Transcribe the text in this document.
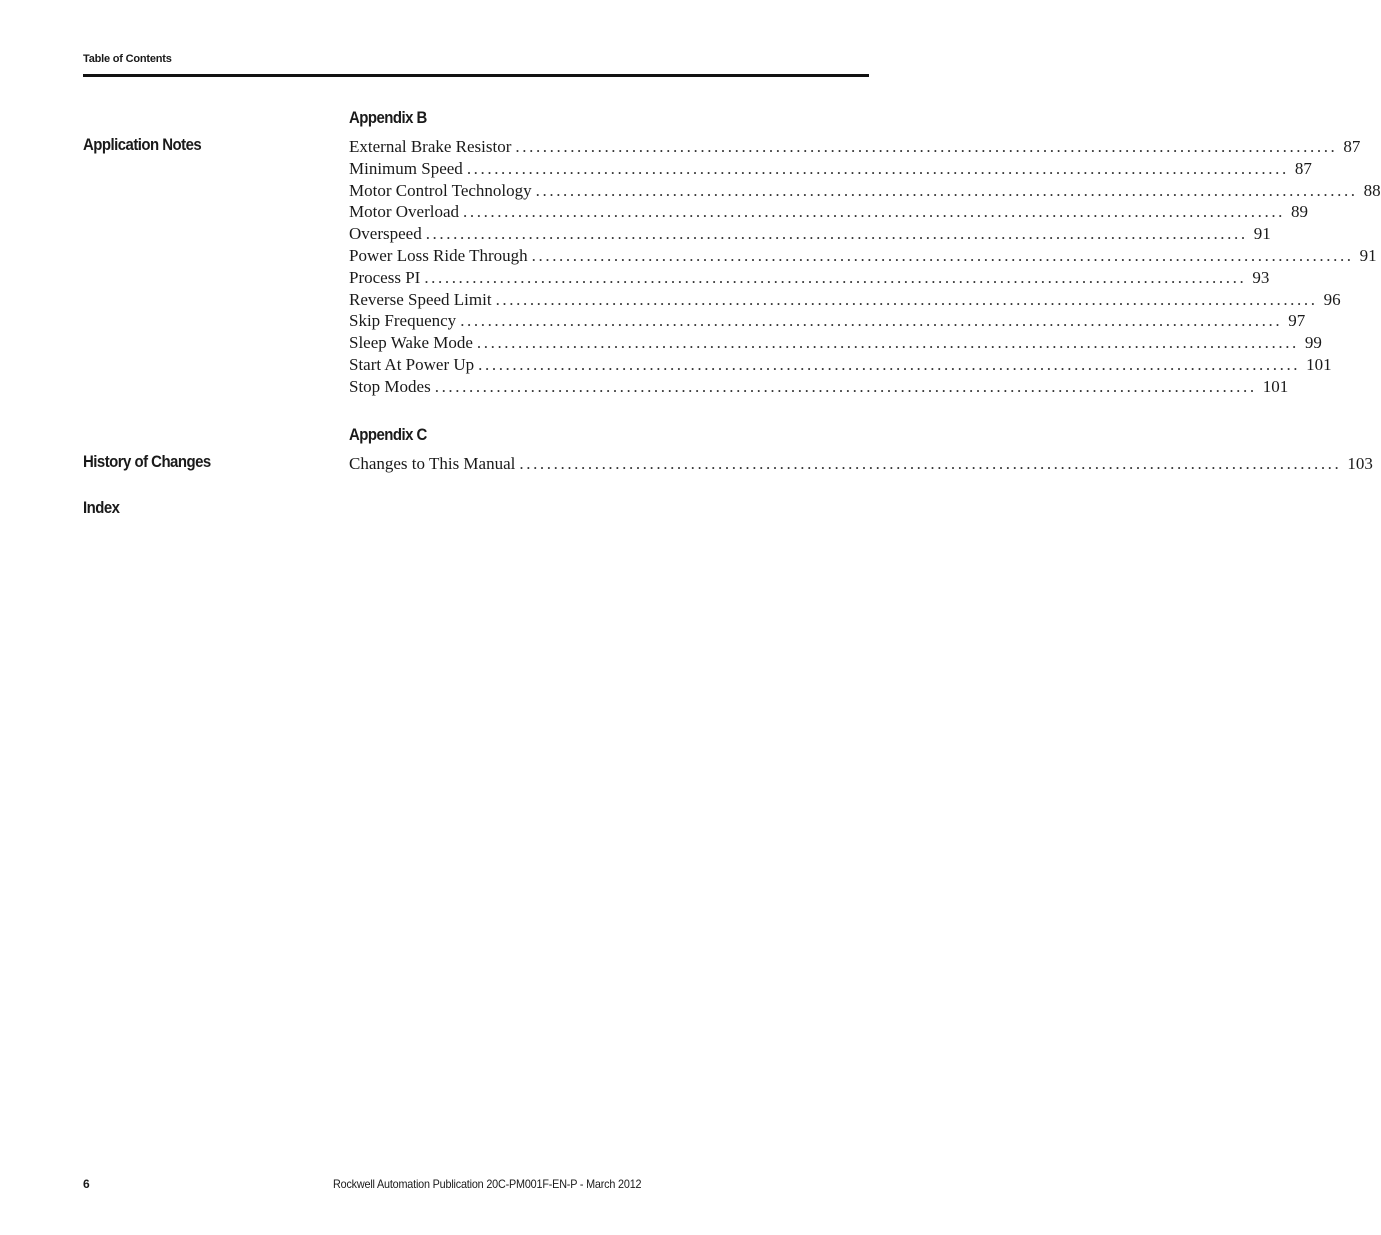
Table of Contents
Appendix B
Application Notes	External Brake Resistor ........................................................................................................................ 87
Minimum Speed ........................................................................................................................ 87
Motor Control Technology ........................................................................................................................ 88
Motor Overload ........................................................................................................................ 89
Overspeed ........................................................................................................................ 91
Power Loss Ride Through ........................................................................................................................ 91
Process PI ........................................................................................................................ 93
Reverse Speed Limit ........................................................................................................................ 96
Skip Frequency ........................................................................................................................ 97
Sleep Wake Mode ........................................................................................................................ 99
Start At Power Up ........................................................................................................................ 101
Stop Modes ........................................................................................................................ 101
Appendix C
History of Changes	Changes to This Manual ........................................................................................................................ 103
Index
6	Rockwell Automation Publication 20C-PM001F-EN-P - March 2012
